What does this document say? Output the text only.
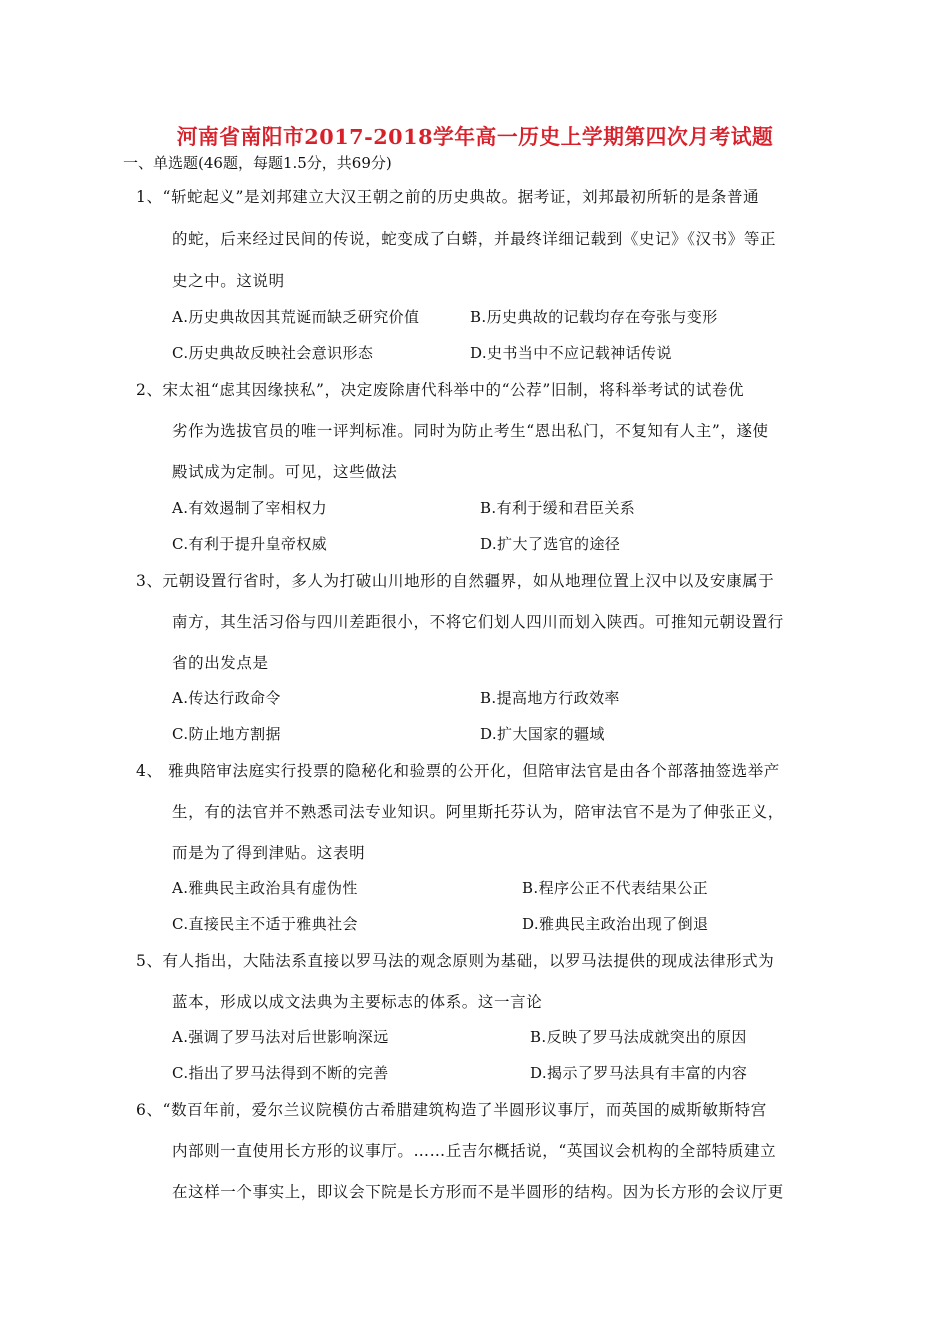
河南省南阳市2017-2018学年高一历史上学期第四次月考试题
一、单选题(46题，每题1.5分，共69分)
1、“斩蛇起义”是刘邦建立大汉王朝之前的历史典故。据考证，刘邦最初所斩的是条普通
的蛇，后来经过民间的传说，蛇变成了白蟒，并最终详细记载到《史记》《汉书》等正
史之中。这说明
A.历史典故因其荒诞而缺乏研究价值	B.历史典故的记载均存在夸张与变形
C.历史典故反映社会意识形态	D.史书当中不应记载神话传说
2、宋太祖“虑其因缘挟私”，决定废除唐代科举中的“公荐”旧制，将科举考试的试卷优
劣作为选拔官员的唯一评判标准。同时为防止考生“恩出私门，不复知有人主”，遂使
殿试成为定制。可见，这些做法
A.有效遏制了宰相权力	B.有利于缓和君臣关系
C.有利于提升皇帝权威	D.扩大了选官的途径
3、元朝设置行省时，多人为打破山川地形的自然疆界，如从地理位置上汉中以及安康属于
南方，其生活习俗与四川差距很小，不将它们划人四川而划入陕西。可推知元朝设置行
省的出发点是
A.传达行政命令	B.提高地方行政效率
C.防止地方割据	D.扩大国家的疆域
4、 雅典陪审法庭实行投票的隐秘化和验票的公开化，但陪审法官是由各个部落抽签选举产
生，有的法官并不熟悉司法专业知识。阿里斯托芬认为，陪审法官不是为了伸张正义，
而是为了得到津贴。这表明
A.雅典民主政治具有虚伪性	B.程序公正不代表结果公正
C.直接民主不适于雅典社会	D.雅典民主政治出现了倒退
5、有人指出，大陆法系直接以罗马法的观念原则为基础，以罗马法提供的现成法律形式为
蓝本，形成以成文法典为主要标志的体系。这一言论
A.强调了罗马法对后世影响深远	B.反映了罗马法成就突出的原因
C.指出了罗马法得到不断的完善	D.揭示了罗马法具有丰富的内容
6、“数百年前，爱尔兰议院模仿古希腊建筑构造了半圆形议事厅，而英国的威斯敏斯特宫
内部则一直使用长方形的议事厅。……丘吉尔概括说，“英国议会机构的全部特质建立
在这样一个事实上，即议会下院是长方形而不是半圆形的结构。因为长方形的会议厅更
